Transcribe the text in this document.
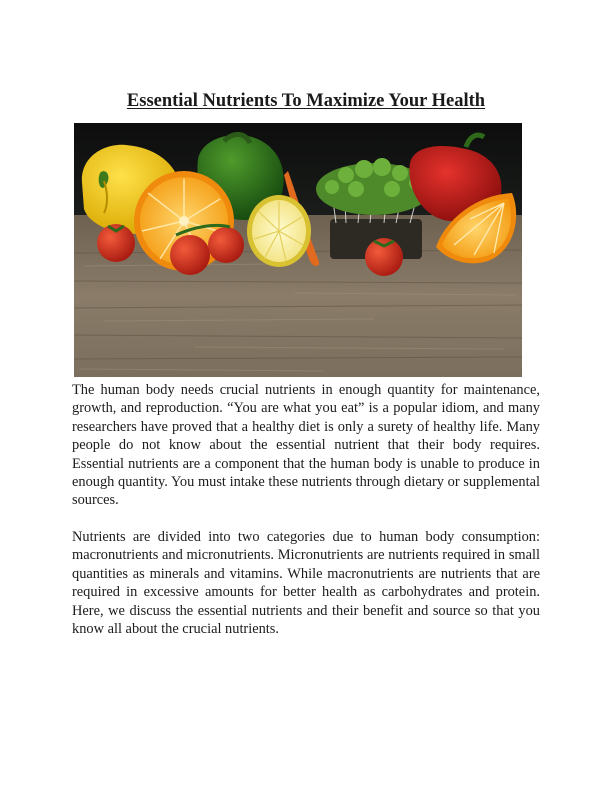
Essential Nutrients To Maximize Your Health

The human body needs crucial nutrients in enough quantity for maintenance, growth, and reproduction. “You are what you eat” is a popular idiom, and many researchers have proved that a healthy diet is only a surety of healthy life. Many people do not know about the essential nutrient that their body requires. Essential nutrients are a component that the human body is unable to produce in enough quantity. You must intake these nutrients through dietary or supplemental sources.

Nutrients are divided into two categories due to human body consumption: macronutrients and micronutrients. Micronutrients are nutrients required in small quantities as minerals and vitamins. While macronutrients are nutrients that are required in excessive amounts for better health as carbohydrates and protein. Here, we discuss the essential nutrients and their benefit and source so that you know all about the crucial nutrients.
